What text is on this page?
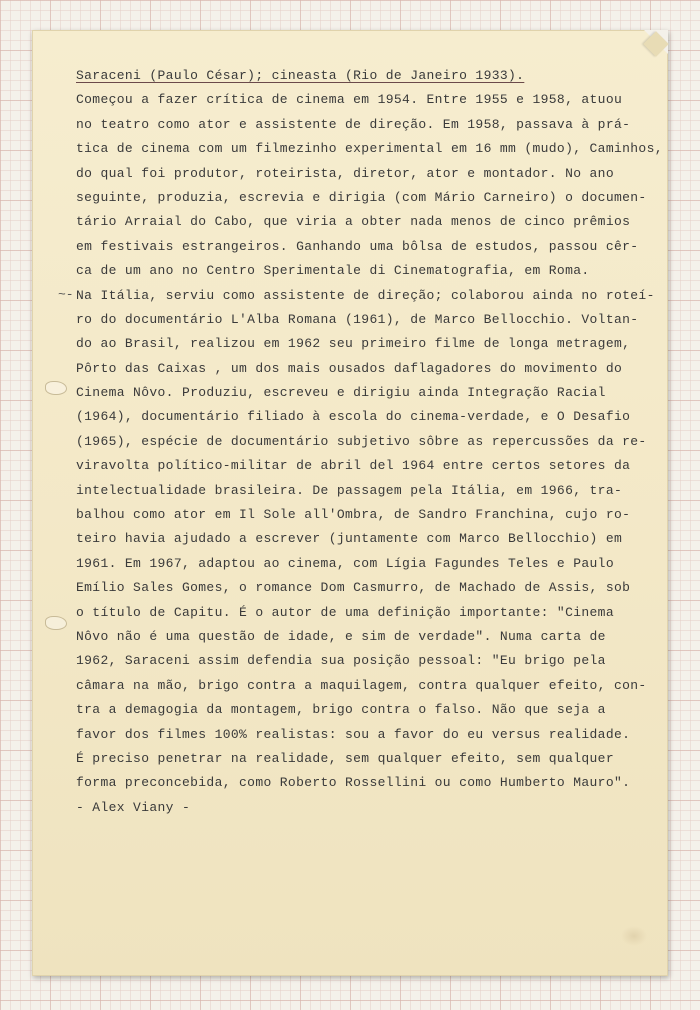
~-
Saraceni (Paulo César); cineasta (Rio de Janeiro 1933).
Começou a fazer crítica de cinema em 1954. Entre 1955 e 1958, atuou
no teatro como ator e assistente de direção. Em 1958, passava à prá-
tica de cinema com um filmezinho experimental em 16 mm (mudo), Caminhos,
do qual foi produtor, roteirista, diretor, ator e montador. No ano
seguinte, produzia, escrevia e dirigia (com Mário Carneiro) o documen-
tário Arraial do Cabo, que viria a obter nada menos de cinco prêmios
em festivais estrangeiros. Ganhando uma bôlsa de estudos, passou cêr-
ca de um ano no Centro Sperimentale di Cinematografia, em Roma.
Na Itália, serviu como assistente de direção; colaborou ainda no roteí-
ro do documentário L'Alba Romana (1961), de Marco Bellocchio. Voltan-
do ao Brasil, realizou em 1962 seu primeiro filme de longa metragem,
Pôrto das Caixas , um dos mais ousados daflagadores do movimento do
Cinema Nôvo. Produziu, escreveu e dirigiu ainda Integração Racial
(1964), documentário filiado à escola do cinema-verdade, e O Desafio
(1965), espécie de documentário subjetivo sôbre as repercussões da re-
viravolta político-militar de abril del 1964 entre certos setores da
intelectualidade brasileira. De passagem pela Itália, em 1966, tra-
balhou como ator em Il Sole all'Ombra, de Sandro Franchina, cujo ro-
teiro havia ajudado a escrever (juntamente com Marco Bellocchio) em
1961. Em 1967, adaptou ao cinema, com Lígia Fagundes Teles e Paulo
Emílio Sales Gomes, o romance Dom Casmurro, de Machado de Assis, sob
o título de Capitu. É o autor de uma definição importante: "Cinema
Nôvo não é uma questão de idade, e sim de verdade". Numa carta de
1962, Saraceni assim defendia sua posição pessoal: "Eu brigo pela
câmara na mão, brigo contra a maquilagem, contra qualquer efeito, con-
tra a demagogia da montagem, brigo contra o falso. Não que seja a
favor dos filmes 100% realistas: sou a favor do eu versus realidade.
É preciso penetrar na realidade, sem qualquer efeito, sem qualquer
forma preconcebida, como Roberto Rossellini ou como Humberto Mauro".
- Alex Viany -
